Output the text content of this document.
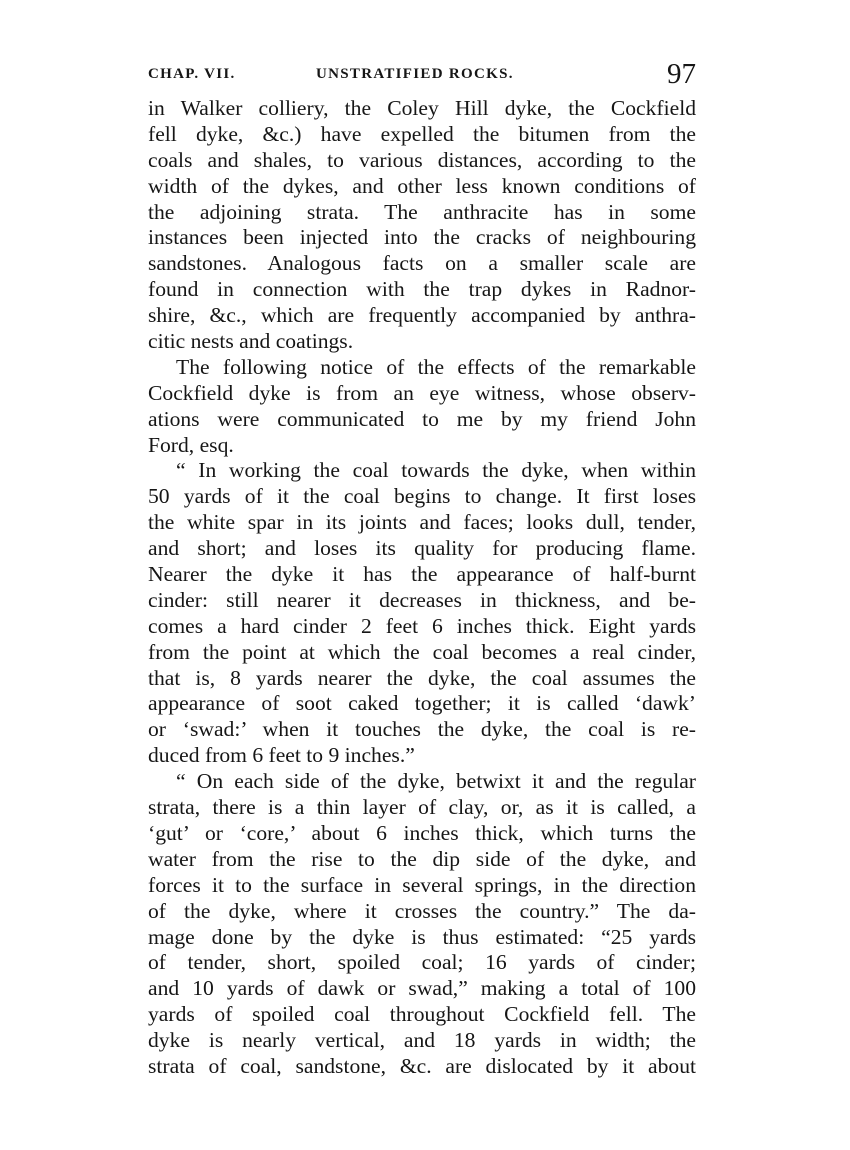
CHAP. VII.	UNSTRATIFIED ROCKS.	97
in Walker colliery, the Coley Hill dyke, the Cockfield
fell dyke, &c.) have expelled the bitumen from the
coals and shales, to various distances, according to the
width of the dykes, and other less known conditions of
the adjoining strata. The anthracite has in some
instances been injected into the cracks of neighbouring
sandstones. Analogous facts on a smaller scale are
found in connection with the trap dykes in Radnor-
shire, &c., which are frequently accompanied by anthra-
citic nests and coatings.
The following notice of the effects of the remarkable
Cockfield dyke is from an eye witness, whose observ-
ations were communicated to me by my friend John
Ford, esq.
“ In working the coal towards the dyke, when within
50 yards of it the coal begins to change. It first loses
the white spar in its joints and faces; looks dull, tender,
and short; and loses its quality for producing flame.
Nearer the dyke it has the appearance of half-burnt
cinder: still nearer it decreases in thickness, and be-
comes a hard cinder 2 feet 6 inches thick. Eight yards
from the point at which the coal becomes a real cinder,
that is, 8 yards nearer the dyke, the coal assumes the
appearance of soot caked together; it is called ‘dawk’
or ‘swad:’ when it touches the dyke, the coal is re-
duced from 6 feet to 9 inches.”
“ On each side of the dyke, betwixt it and the regular
strata, there is a thin layer of clay, or, as it is called, a
‘gut’ or ‘core,’ about 6 inches thick, which turns the
water from the rise to the dip side of the dyke, and
forces it to the surface in several springs, in the direction
of the dyke, where it crosses the country.” The da-
mage done by the dyke is thus estimated: “25 yards
of tender, short, spoiled coal; 16 yards of cinder;
and 10 yards of dawk or swad,” making a total of 100
yards of spoiled coal throughout Cockfield fell. The
dyke is nearly vertical, and 18 yards in width; the
strata of coal, sandstone, &c. are dislocated by it about
